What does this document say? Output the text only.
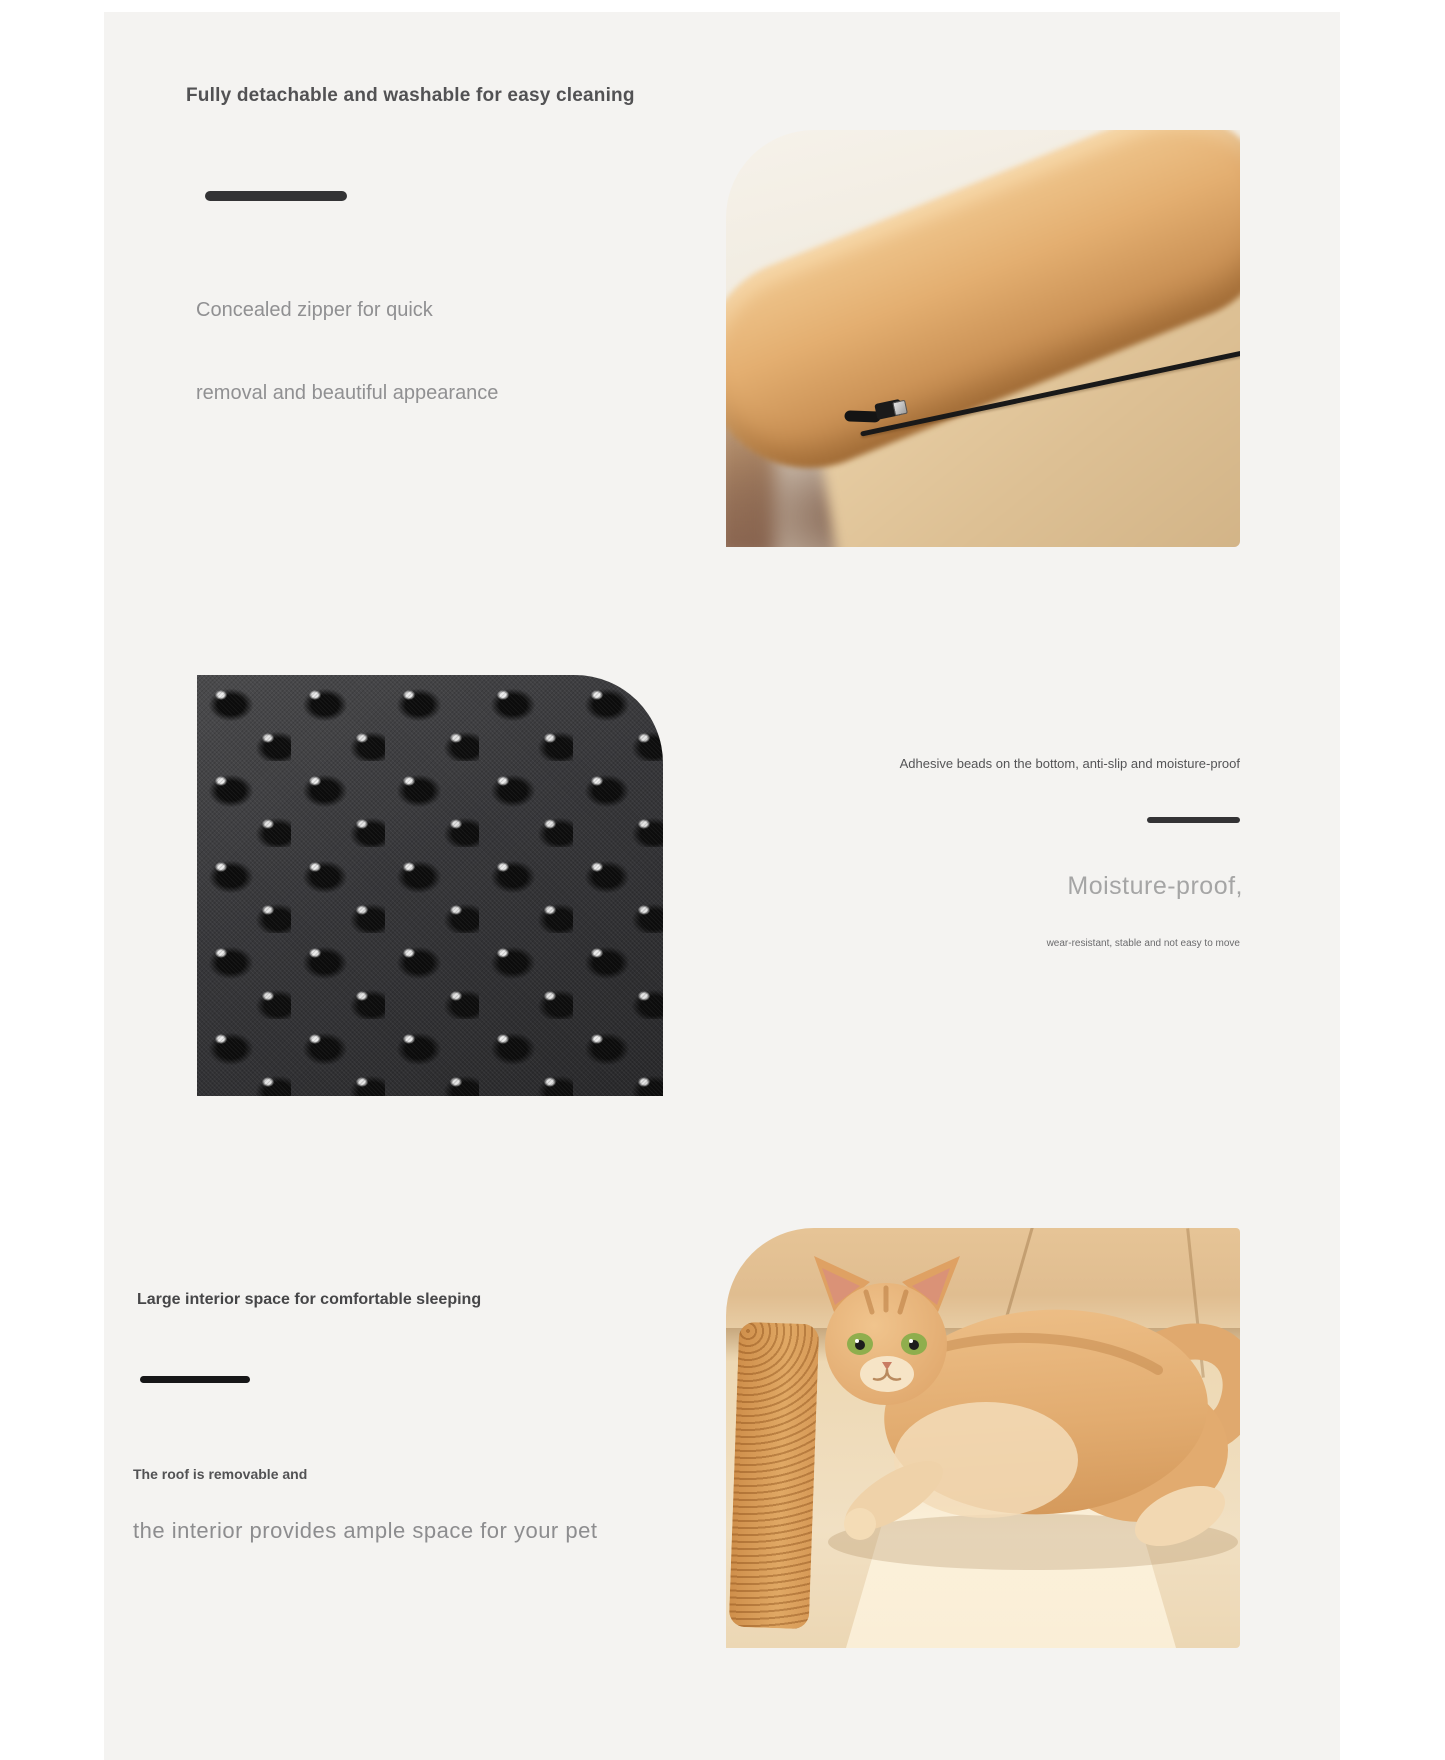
Fully detachable and washable for easy cleaning
Concealed zipper for quick
removal and beautiful appearance
Adhesive beads on the bottom, anti-slip and moisture-proof
Moisture-proof,
wear-resistant, stable and not easy to move
Large interior space for comfortable sleeping
The roof is removable and
the interior provides ample space for your pet
